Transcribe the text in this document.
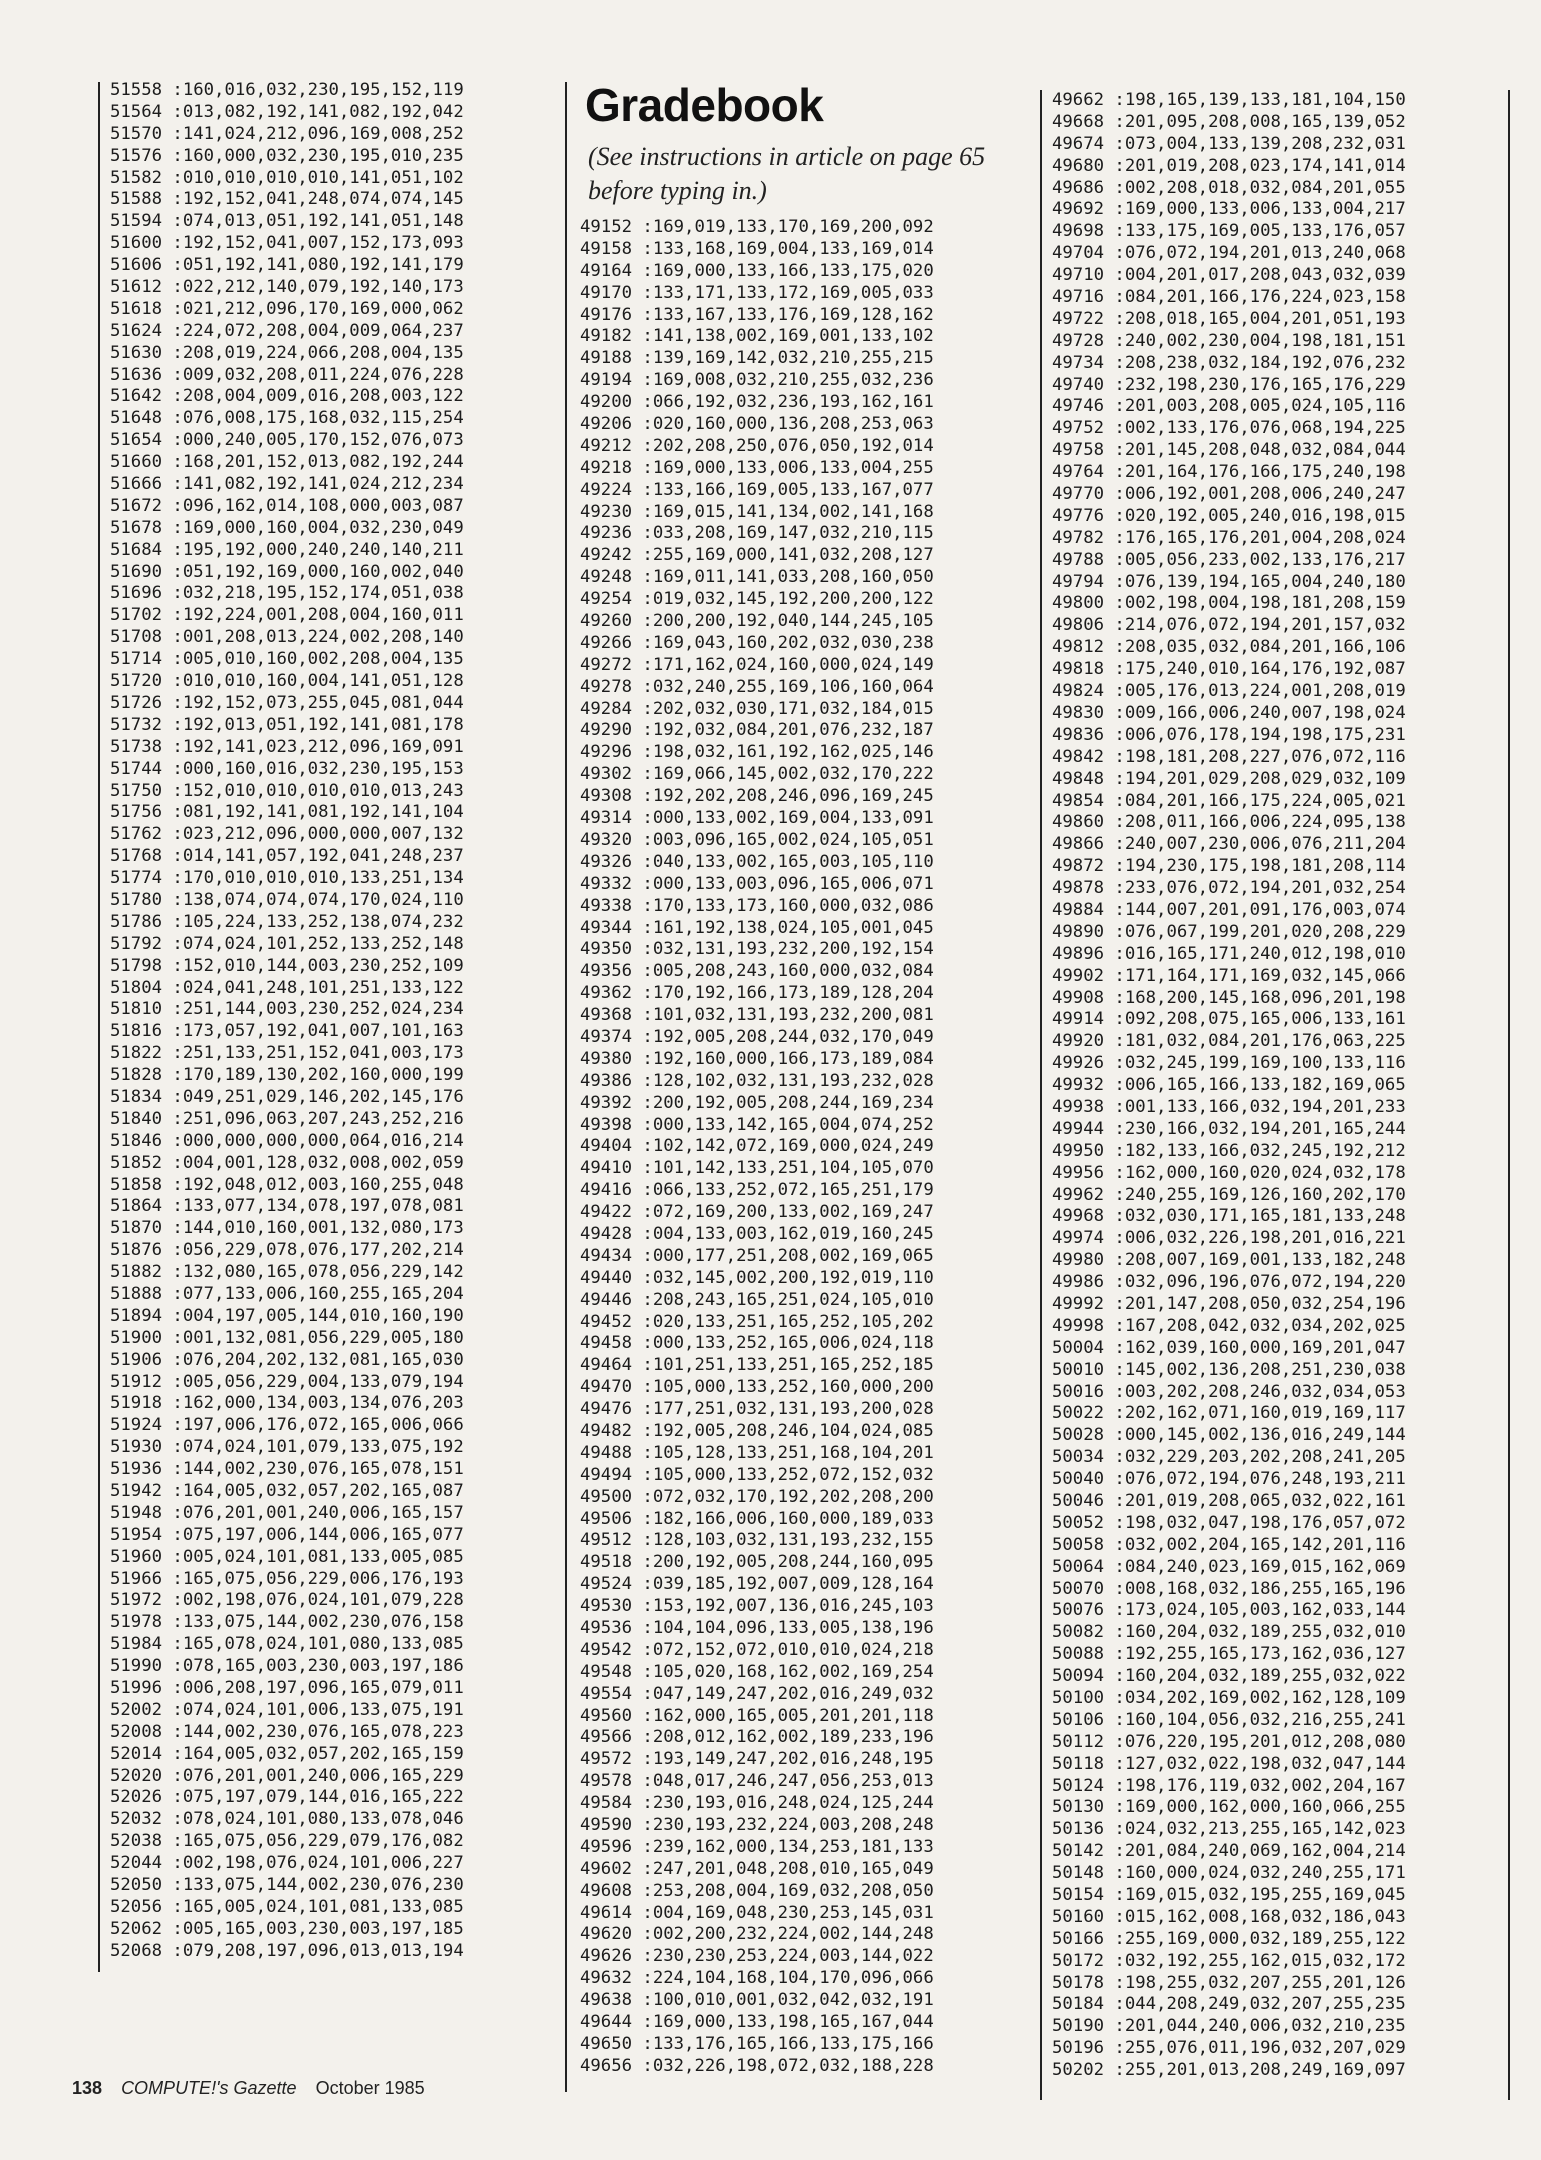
51558 :160,016,032,230,195,152,119
51564 :013,082,192,141,082,192,042
51570 :141,024,212,096,169,008,252
51576 :160,000,032,230,195,010,235
51582 :010,010,010,010,141,051,102
51588 :192,152,041,248,074,074,145
51594 :074,013,051,192,141,051,148
51600 :192,152,041,007,152,173,093
51606 :051,192,141,080,192,141,179
51612 :022,212,140,079,192,140,173
51618 :021,212,096,170,169,000,062
51624 :224,072,208,004,009,064,237
51630 :208,019,224,066,208,004,135
51636 :009,032,208,011,224,076,228
51642 :208,004,009,016,208,003,122
51648 :076,008,175,168,032,115,254
51654 :000,240,005,170,152,076,073
51660 :168,201,152,013,082,192,244
51666 :141,082,192,141,024,212,234
51672 :096,162,014,108,000,003,087
51678 :169,000,160,004,032,230,049
51684 :195,192,000,240,240,140,211
51690 :051,192,169,000,160,002,040
51696 :032,218,195,152,174,051,038
51702 :192,224,001,208,004,160,011
51708 :001,208,013,224,002,208,140
51714 :005,010,160,002,208,004,135
51720 :010,010,160,004,141,051,128
51726 :192,152,073,255,045,081,044
51732 :192,013,051,192,141,081,178
51738 :192,141,023,212,096,169,091
51744 :000,160,016,032,230,195,153
51750 :152,010,010,010,010,013,243
51756 :081,192,141,081,192,141,104
51762 :023,212,096,000,000,007,132
51768 :014,141,057,192,041,248,237
51774 :170,010,010,010,133,251,134
51780 :138,074,074,074,170,024,110
51786 :105,224,133,252,138,074,232
51792 :074,024,101,252,133,252,148
51798 :152,010,144,003,230,252,109
51804 :024,041,248,101,251,133,122
51810 :251,144,003,230,252,024,234
51816 :173,057,192,041,007,101,163
51822 :251,133,251,152,041,003,173
51828 :170,189,130,202,160,000,199
51834 :049,251,029,146,202,145,176
51840 :251,096,063,207,243,252,216
51846 :000,000,000,000,064,016,214
51852 :004,001,128,032,008,002,059
51858 :192,048,012,003,160,255,048
51864 :133,077,134,078,197,078,081
51870 :144,010,160,001,132,080,173
51876 :056,229,078,076,177,202,214
51882 :132,080,165,078,056,229,142
51888 :077,133,006,160,255,165,204
51894 :004,197,005,144,010,160,190
51900 :001,132,081,056,229,005,180
51906 :076,204,202,132,081,165,030
51912 :005,056,229,004,133,079,194
51918 :162,000,134,003,134,076,203
51924 :197,006,176,072,165,006,066
51930 :074,024,101,079,133,075,192
51936 :144,002,230,076,165,078,151
51942 :164,005,032,057,202,165,087
51948 :076,201,001,240,006,165,157
51954 :075,197,006,144,006,165,077
51960 :005,024,101,081,133,005,085
51966 :165,075,056,229,006,176,193
51972 :002,198,076,024,101,079,228
51978 :133,075,144,002,230,076,158
51984 :165,078,024,101,080,133,085
51990 :078,165,003,230,003,197,186
51996 :006,208,197,096,165,079,011
52002 :074,024,101,006,133,075,191
52008 :144,002,230,076,165,078,223
52014 :164,005,032,057,202,165,159
52020 :076,201,001,240,006,165,229
52026 :075,197,079,144,016,165,222
52032 :078,024,101,080,133,078,046
52038 :165,075,056,229,079,176,082
52044 :002,198,076,024,101,006,227
52050 :133,075,144,002,230,076,230
52056 :165,005,024,101,081,133,085
52062 :005,165,003,230,003,197,185
52068 :079,208,197,096,013,013,194
Gradebook
(See instructions in article on page 65 before typing in.)
49152 :169,019,133,170,169,200,092
49158 :133,168,169,004,133,169,014
49164 :169,000,133,166,133,175,020
49170 :133,171,133,172,169,005,033
49176 :133,167,133,176,169,128,162
49182 :141,138,002,169,001,133,102
49188 :139,169,142,032,210,255,215
49194 :169,008,032,210,255,032,236
49200 :066,192,032,236,193,162,161
49206 :020,160,000,136,208,253,063
49212 :202,208,250,076,050,192,014
49218 :169,000,133,006,133,004,255
49224 :133,166,169,005,133,167,077
49230 :169,015,141,134,002,141,168
49236 :033,208,169,147,032,210,115
49242 :255,169,000,141,032,208,127
49248 :169,011,141,033,208,160,050
49254 :019,032,145,192,200,200,122
49260 :200,200,192,040,144,245,105
49266 :169,043,160,202,032,030,238
49272 :171,162,024,160,000,024,149
49278 :032,240,255,169,106,160,064
49284 :202,032,030,171,032,184,015
49290 :192,032,084,201,076,232,187
49296 :198,032,161,192,162,025,146
49302 :169,066,145,002,032,170,222
49308 :192,202,208,246,096,169,245
49314 :000,133,002,169,004,133,091
49320 :003,096,165,002,024,105,051
49326 :040,133,002,165,003,105,110
49332 :000,133,003,096,165,006,071
49338 :170,133,173,160,000,032,086
49344 :161,192,138,024,105,001,045
49350 :032,131,193,232,200,192,154
49356 :005,208,243,160,000,032,084
49362 :170,192,166,173,189,128,204
49368 :101,032,131,193,232,200,081
49374 :192,005,208,244,032,170,049
49380 :192,160,000,166,173,189,084
49386 :128,102,032,131,193,232,028
49392 :200,192,005,208,244,169,234
49398 :000,133,142,165,004,074,252
49404 :102,142,072,169,000,024,249
49410 :101,142,133,251,104,105,070
49416 :066,133,252,072,165,251,179
49422 :072,169,200,133,002,169,247
49428 :004,133,003,162,019,160,245
49434 :000,177,251,208,002,169,065
49440 :032,145,002,200,192,019,110
49446 :208,243,165,251,024,105,010
49452 :020,133,251,165,252,105,202
49458 :000,133,252,165,006,024,118
49464 :101,251,133,251,165,252,185
49470 :105,000,133,252,160,000,200
49476 :177,251,032,131,193,200,028
49482 :192,005,208,246,104,024,085
49488 :105,128,133,251,168,104,201
49494 :105,000,133,252,072,152,032
49500 :072,032,170,192,202,208,200
49506 :182,166,006,160,000,189,033
49512 :128,103,032,131,193,232,155
49518 :200,192,005,208,244,160,095
49524 :039,185,192,007,009,128,164
49530 :153,192,007,136,016,245,103
49536 :104,104,096,133,005,138,196
49542 :072,152,072,010,010,024,218
49548 :105,020,168,162,002,169,254
49554 :047,149,247,202,016,249,032
49560 :162,000,165,005,201,201,118
49566 :208,012,162,002,189,233,196
49572 :193,149,247,202,016,248,195
49578 :048,017,246,247,056,253,013
49584 :230,193,016,248,024,125,244
49590 :230,193,232,224,003,208,248
49596 :239,162,000,134,253,181,133
49602 :247,201,048,208,010,165,049
49608 :253,208,004,169,032,208,050
49614 :004,169,048,230,253,145,031
49620 :002,200,232,224,002,144,248
49626 :230,230,253,224,003,144,022
49632 :224,104,168,104,170,096,066
49638 :100,010,001,032,042,032,191
49644 :169,000,133,198,165,167,044
49650 :133,176,165,166,133,175,166
49656 :032,226,198,072,032,188,228
49662 :198,165,139,133,181,104,150
49668 :201,095,208,008,165,139,052
49674 :073,004,133,139,208,232,031
49680 :201,019,208,023,174,141,014
49686 :002,208,018,032,084,201,055
49692 :169,000,133,006,133,004,217
49698 :133,175,169,005,133,176,057
49704 :076,072,194,201,013,240,068
49710 :004,201,017,208,043,032,039
49716 :084,201,166,176,224,023,158
49722 :208,018,165,004,201,051,193
49728 :240,002,230,004,198,181,151
49734 :208,238,032,184,192,076,232
49740 :232,198,230,176,165,176,229
49746 :201,003,208,005,024,105,116
49752 :002,133,176,076,068,194,225
49758 :201,145,208,048,032,084,044
49764 :201,164,176,166,175,240,198
49770 :006,192,001,208,006,240,247
49776 :020,192,005,240,016,198,015
49782 :176,165,176,201,004,208,024
49788 :005,056,233,002,133,176,217
49794 :076,139,194,165,004,240,180
49800 :002,198,004,198,181,208,159
49806 :214,076,072,194,201,157,032
49812 :208,035,032,084,201,166,106
49818 :175,240,010,164,176,192,087
49824 :005,176,013,224,001,208,019
49830 :009,166,006,240,007,198,024
49836 :006,076,178,194,198,175,231
49842 :198,181,208,227,076,072,116
49848 :194,201,029,208,029,032,109
49854 :084,201,166,175,224,005,021
49860 :208,011,166,006,224,095,138
49866 :240,007,230,006,076,211,204
49872 :194,230,175,198,181,208,114
49878 :233,076,072,194,201,032,254
49884 :144,007,201,091,176,003,074
49890 :076,067,199,201,020,208,229
49896 :016,165,171,240,012,198,010
49902 :171,164,171,169,032,145,066
49908 :168,200,145,168,096,201,198
49914 :092,208,075,165,006,133,161
49920 :181,032,084,201,176,063,225
49926 :032,245,199,169,100,133,116
49932 :006,165,166,133,182,169,065
49938 :001,133,166,032,194,201,233
49944 :230,166,032,194,201,165,244
49950 :182,133,166,032,245,192,212
49956 :162,000,160,020,024,032,178
49962 :240,255,169,126,160,202,170
49968 :032,030,171,165,181,133,248
49974 :006,032,226,198,201,016,221
49980 :208,007,169,001,133,182,248
49986 :032,096,196,076,072,194,220
49992 :201,147,208,050,032,254,196
49998 :167,208,042,032,034,202,025
50004 :162,039,160,000,169,201,047
50010 :145,002,136,208,251,230,038
50016 :003,202,208,246,032,034,053
50022 :202,162,071,160,019,169,117
50028 :000,145,002,136,016,249,144
50034 :032,229,203,202,208,241,205
50040 :076,072,194,076,248,193,211
50046 :201,019,208,065,032,022,161
50052 :198,032,047,198,176,057,072
50058 :032,002,204,165,142,201,116
50064 :084,240,023,169,015,162,069
50070 :008,168,032,186,255,165,196
50076 :173,024,105,003,162,033,144
50082 :160,204,032,189,255,032,010
50088 :192,255,165,173,162,036,127
50094 :160,204,032,189,255,032,022
50100 :034,202,169,002,162,128,109
50106 :160,104,056,032,216,255,241
50112 :076,220,195,201,012,208,080
50118 :127,032,022,198,032,047,144
50124 :198,176,119,032,002,204,167
50130 :169,000,162,000,160,066,255
50136 :024,032,213,255,165,142,023
50142 :201,084,240,069,162,004,214
50148 :160,000,024,032,240,255,171
50154 :169,015,032,195,255,169,045
50160 :015,162,008,168,032,186,043
50166 :255,169,000,032,189,255,122
50172 :032,192,255,162,015,032,172
50178 :198,255,032,207,255,201,126
50184 :044,208,249,032,207,255,235
50190 :201,044,240,006,032,210,235
50196 :255,076,011,196,032,207,029
50202 :255,201,013,208,249,169,097
138 COMPUTE!'s Gazette October 1985
